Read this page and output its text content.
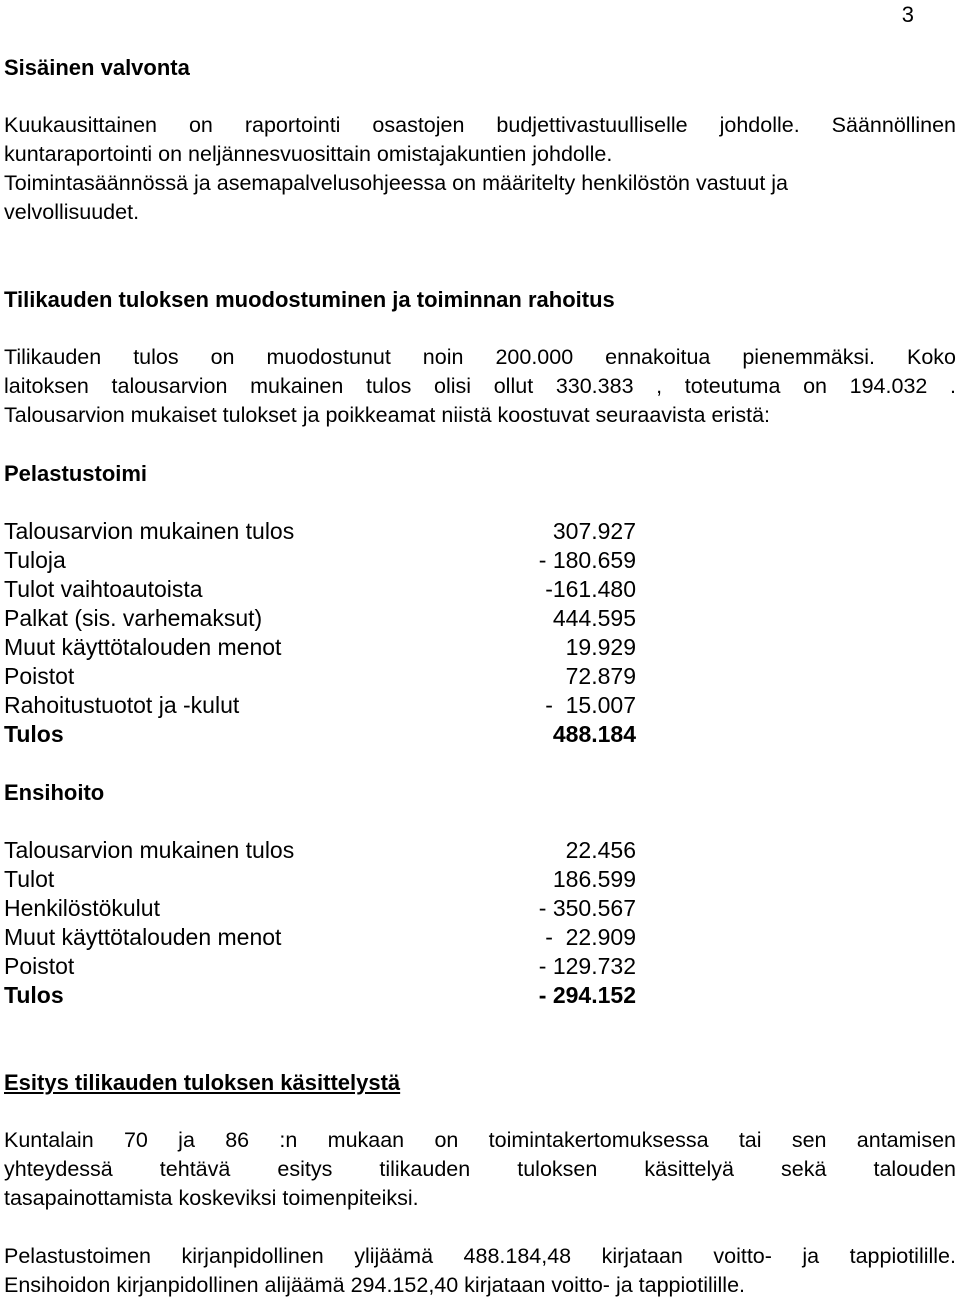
3
Sisäinen valvonta
Kuukausittainen on raportointi osastojen budjettivastuulliselle johdolle. Säännöllinen
kuntaraportointi on neljännesvuosittain omistajakuntien johdolle.
Toimintasäännössä ja asemapalvelusohjeessa on määritelty henkilöstön vastuut ja
velvollisuudet.
Tilikauden tuloksen muodostuminen ja toiminnan rahoitus
Tilikauden tulos on muodostunut noin 200.000 ennakoitua pienemmäksi. Koko
laitoksen talousarvion mukainen tulos olisi ollut 330.383 , toteutuma on 194.032 .
Talousarvion mukaiset tulokset ja poikkeamat niistä koostuvat seuraavista eristä:
Pelastustoimi
Talousarvion mukainen tulos	307.927
Tuloja	- 180.659
Tulot vaihtoautoista	-161.480
Palkat (sis. varhemaksut)	444.595
Muut käyttötalouden menot	19.929
Poistot	72.879
Rahoitustuotot ja -kulut	-  15.007
Tulos	488.184
Ensihoito
Talousarvion mukainen tulos	22.456
Tulot	186.599
Henkilöstökulut	- 350.567
Muut käyttötalouden menot	-  22.909
Poistot	- 129.732
Tulos	- 294.152
Esitys tilikauden tuloksen käsittelystä
Kuntalain 70 ja 86 :n mukaan on toimintakertomuksessa tai sen antamisen
yhteydessä tehtävä esitys tilikauden tuloksen käsittelyä sekä talouden
tasapainottamista koskeviksi toimenpiteiksi.
Pelastustoimen kirjanpidollinen ylijäämä 488.184,48 kirjataan voitto- ja tappiotilille.
Ensihoidon kirjanpidollinen alijäämä 294.152,40 kirjataan voitto- ja tappiotilille.
